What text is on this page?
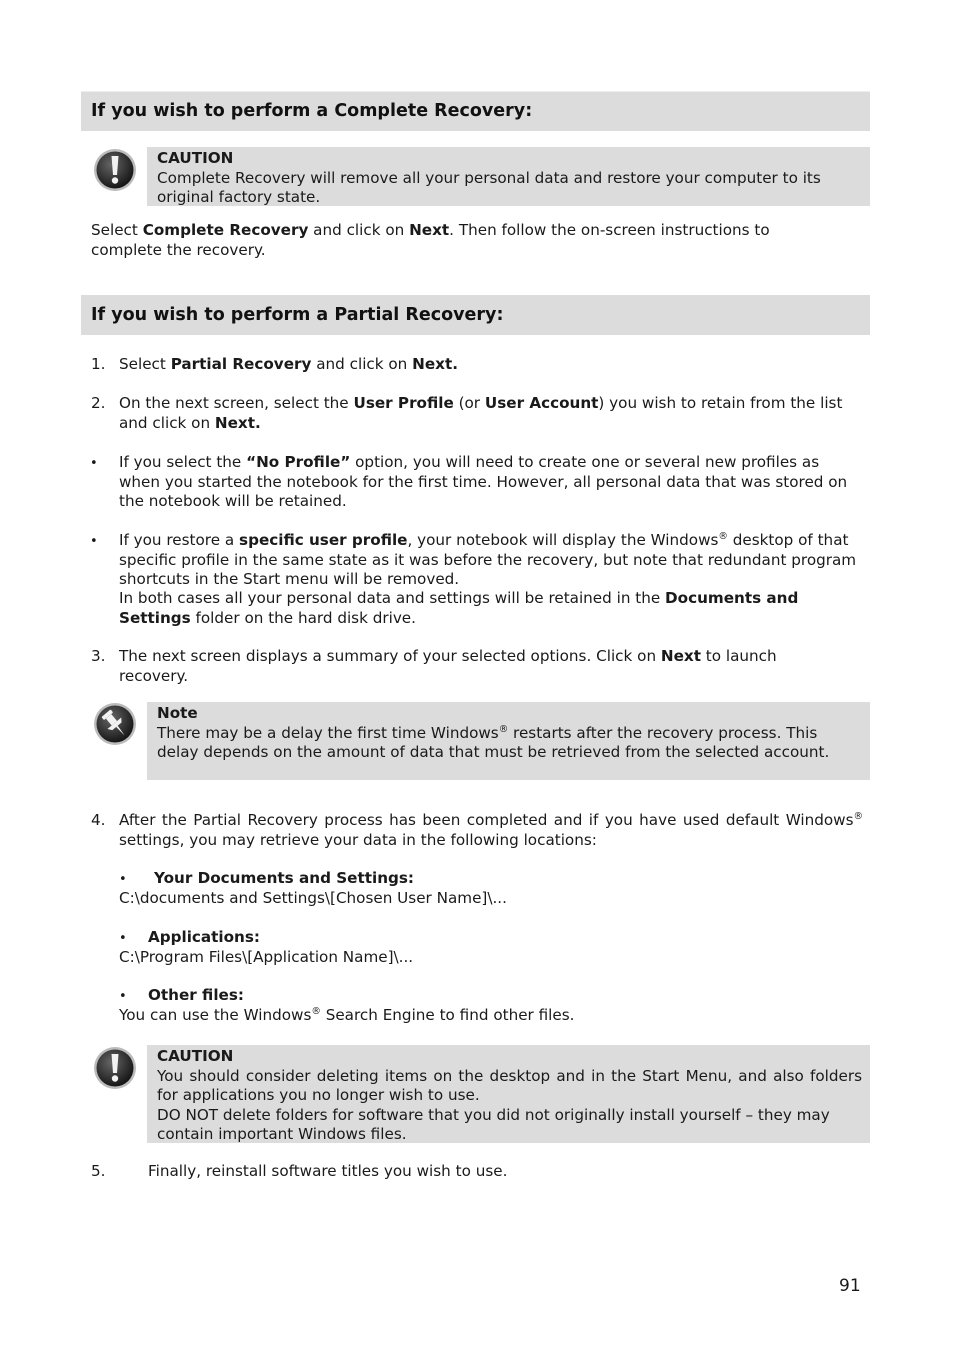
If you wish to perform a Complete Recovery:
CAUTION
Complete Recovery will remove all your personal data and restore your computer to its original factory state.

Select Complete Recovery and click on Next. Then follow the on-screen instructions to complete the recovery.

If you wish to perform a Partial Recovery:
1. Select Partial Recovery and click on Next.

2. On the next screen, select the User Profile (or User Account) you wish to retain from the list and click on Next.

• If you select the “No Profile” option, you will need to create one or several new profiles as when you started the notebook for the first time. However, all personal data that was stored on the notebook will be retained.

• If you restore a specific user profile, your notebook will display the Windows® desktop of that specific profile in the same state as it was before the recovery, but note that redundant program shortcuts in the Start menu will be removed.

In both cases all your personal data and settings will be retained in the Documents and Settings folder on the hard disk drive.

3. The next screen displays a summary of your selected options. Click on Next to launch recovery.

Note
There may be a delay the first time Windows® restarts after the recovery process. This delay depends on the amount of data that must be retrieved from the selected account.
4. After the Partial Recovery process has been completed and if you have used default Windows® settings, you may retrieve your data in the following locations:

• Your Documents and Settings:
C:\documents and Settings\[Chosen User Name]\...
• Applications:
C:\Program Files\[Application Name]\...
• Other files:

You can use the Windows® Search Engine to find other files.

CAUTION
You should consider deleting items on the desktop and in the Start Menu, and also folders for applications you no longer wish to use.
DO NOT delete folders for software that you did not originally install yourself – they may contain important Windows files.
5.	Finally, reinstall software titles you wish to use.
91
